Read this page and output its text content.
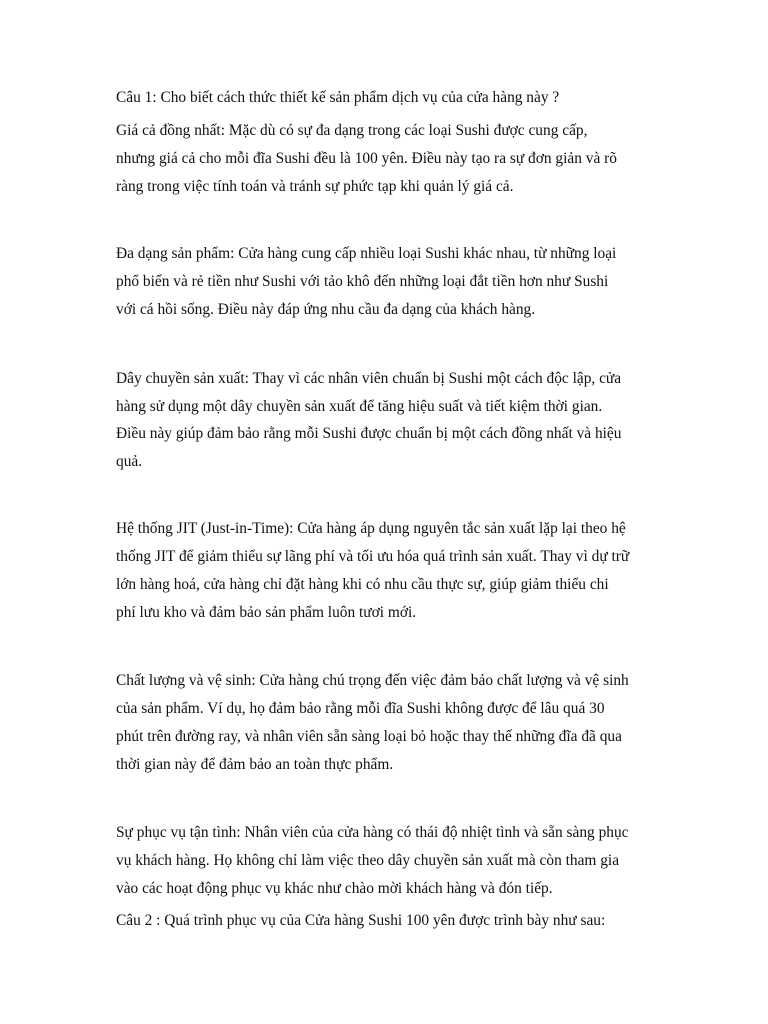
Câu 1: Cho biết cách thức thiết kế sản phẩm dịch vụ của cửa hàng này ?

Giá cả đồng nhất: Mặc dù có sự đa dạng trong các loại Sushi được cung cấp,

nhưng giá cả cho mỗi đĩa Sushi đều là 100 yên. Điều này tạo ra sự đơn giản và rõ

ràng trong việc tính toán và tránh sự phức tạp khi quản lý giá cả.

Đa dạng sản phẩm: Cửa hàng cung cấp nhiều loại Sushi khác nhau, từ những loại

phổ biến và rẻ tiền như Sushi với tảo khô đến những loại đắt tiền hơn như Sushi

với cá hồi sống. Điều này đáp ứng nhu cầu đa dạng của khách hàng.

Dây chuyền sản xuất: Thay vì các nhân viên chuẩn bị Sushi một cách độc lập, cửa

hàng sử dụng một dây chuyền sản xuất để tăng hiệu suất và tiết kiệm thời gian.

Điều này giúp đảm bảo rằng mỗi Sushi được chuẩn bị một cách đồng nhất và hiệu

quả.

Hệ thống JIT (Just-in-Time): Cửa hàng áp dụng nguyên tắc sản xuất lặp lại theo hệ

thống JIT để giảm thiểu sự lãng phí và tối ưu hóa quá trình sản xuất. Thay vì dự trữ

lớn hàng hoá, cửa hàng chỉ đặt hàng khi có nhu cầu thực sự, giúp giảm thiểu chi

phí lưu kho và đảm bảo sản phẩm luôn tươi mới.

Chất lượng và vệ sinh: Cửa hàng chú trọng đến việc đảm bảo chất lượng và vệ sinh

của sản phẩm. Ví dụ, họ đảm bảo rằng mỗi đĩa Sushi không được để lâu quá 30

phút trên đường ray, và nhân viên sẵn sàng loại bỏ hoặc thay thế những đĩa đã qua

thời gian này để đảm bảo an toàn thực phẩm.

Sự phục vụ tận tình: Nhân viên của cửa hàng có thái độ nhiệt tình và sẵn sàng phục

vụ khách hàng. Họ không chỉ làm việc theo dây chuyền sản xuất mà còn tham gia

vào các hoạt động phục vụ khác như chào mời khách hàng và đón tiếp.

Câu 2 : Quá trình phục vụ của Cửa hàng Sushi 100 yên được trình bày như sau:
